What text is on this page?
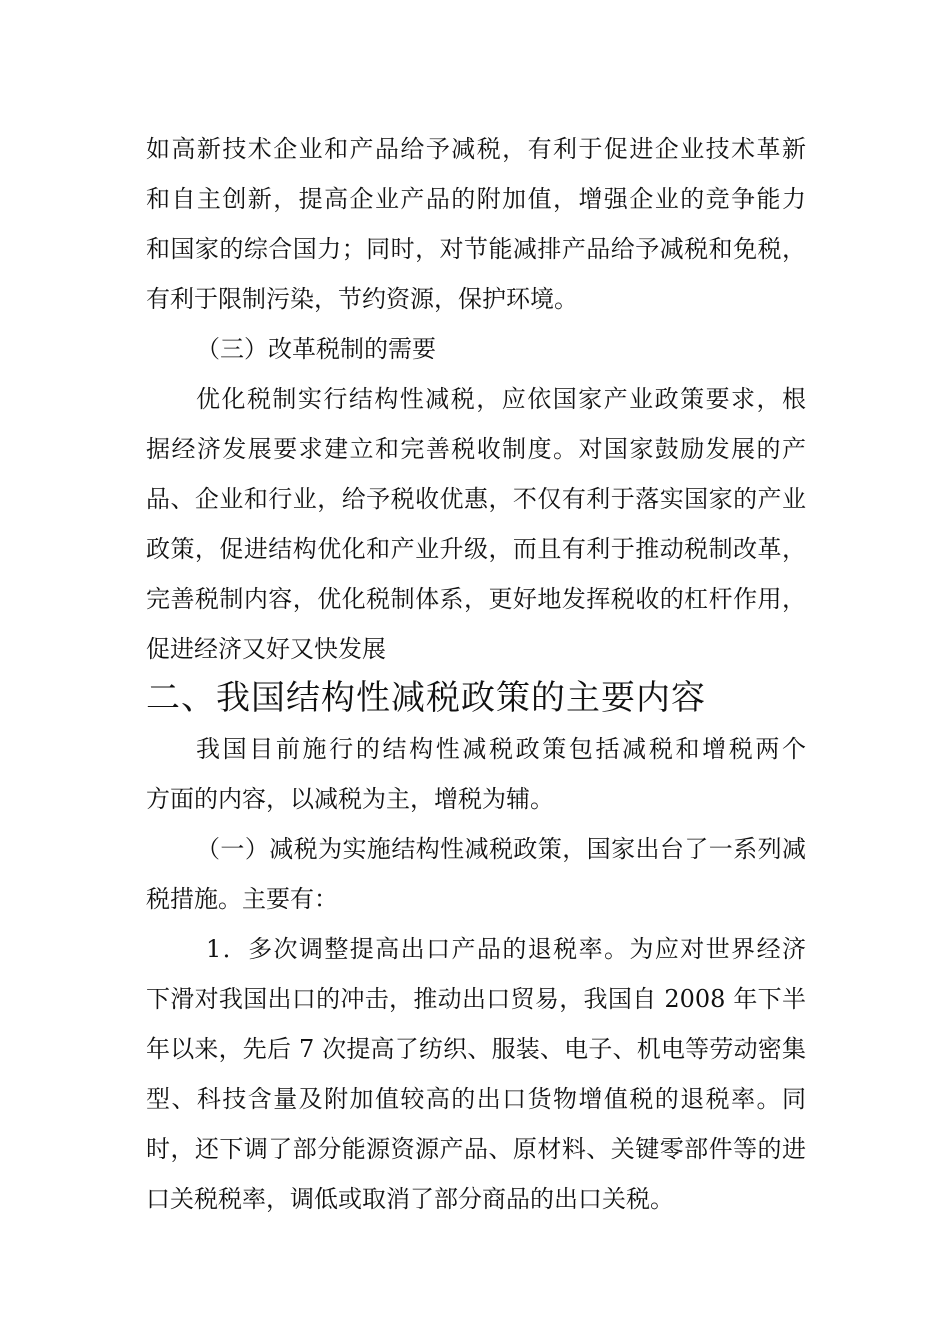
如高新技术企业和产品给予减税，有利于促进企业技术革新
和自主创新，提高企业产品的附加值，增强企业的竞争能力
和国家的综合国力；同时，对节能减排产品给予减税和免税，
有利于限制污染，节约资源，保护环境。
（三）改革税制的需要
优化税制实行结构性减税，应依国家产业政策要求，根
据经济发展要求建立和完善税收制度。对国家鼓励发展的产
品、企业和行业，给予税收优惠，不仅有利于落实国家的产业
政策，促进结构优化和产业升级，而且有利于推动税制改革，
完善税制内容，优化税制体系，更好地发挥税收的杠杆作用，
促进经济又好又快发展
二、我国结构性减税政策的主要内容
我国目前施行的结构性减税政策包括减税和增税两个
方面的内容，以减税为主，增税为辅。
（一）减税为实施结构性减税政策，国家出台了一系列减
税措施。主要有：
1．多次调整提高出口产品的退税率。为应对世界经济
下滑对我国出口的冲击，推动出口贸易，我国自 2008 年下半
年以来，先后 7 次提高了纺织、服装、电子、机电等劳动密集
型、科技含量及附加值较高的出口货物增值税的退税率。同
时，还下调了部分能源资源产品、原材料、关键零部件等的进
口关税税率，调低或取消了部分商品的出口关税。
